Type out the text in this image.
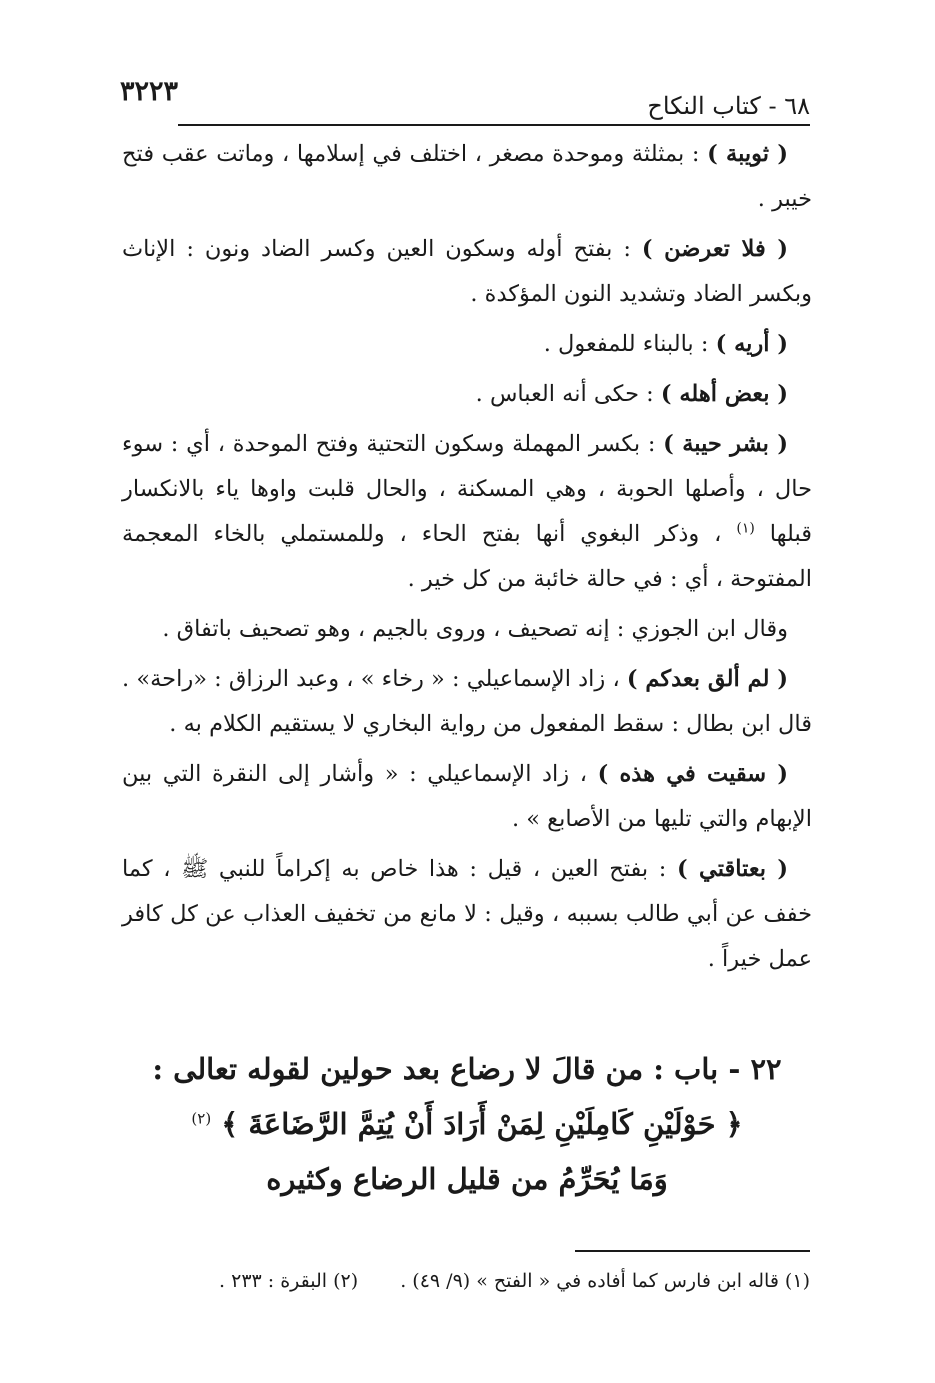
٦٨ - كتاب النكاح
٣٢٢٣

( ثويبة ) : بمثلثة وموحدة مصغر ، اختلف في إسلامها ، وماتت عقب فتح خيبر .

( فلا تعرضن ) : بفتح أوله وسكون العين وكسر الضاد ونون : الإناث وبكسر الضاد وتشديد النون المؤكدة .

( أريه ) : بالبناء للمفعول .

( بعض أهله ) : حكى أنه العباس .

( بشر حيبة ) : بكسر المهملة وسكون التحتية وفتح الموحدة ، أي : سوء حال ، وأصلها الحوبة ، وهي المسكنة ، والحال قلبت واوها ياء بالانكسار قبلها $^{(١)}$ ، وذكر البغوي أنها بفتح الحاء ، وللمستملي بالخاء المعجمة المفتوحة ، أي : في حالة خائبة من كل خير .

وقال ابن الجوزي : إنه تصحيف ، وروى بالجيم ، وهو تصحيف باتفاق .

( لم ألق بعدكم ) ، زاد الإسماعيلي : « رخاء » ، وعبد الرزاق : «راحة» . قال ابن بطال : سقط المفعول من رواية البخاري لا يستقيم الكلام به .

( سقيت في هذه ) ، زاد الإسماعيلي : « وأشار إلى النقرة التي بين الإبهام والتي تليها من الأصابع » .

( بعتاقتي ) : بفتح العين ، قيل : هذا خاص به إكراماً للنبي ﷺ ، كما خفف عن أبي طالب بسببه ، وقيل : لا مانع من تخفيف العذاب عن كل كافر عمل خيراً .

٢٢ - باب : من قالَ لا رضاع بعد حولين لقوله تعالى :
﴿ حَوْلَيْنِ كَامِلَيْنِ لِمَنْ أَرَادَ أَنْ يُتِمَّ الرَّضَاعَةَ ﴾ $^{(٢)}$
وَمَا يُحَرِّمُ من قليل الرضاع وكثيره
(١) قاله ابن فارس كما أفاده في « الفتح » (٩/ ٤٩) .
(٢) البقرة : ٢٣٣ .
